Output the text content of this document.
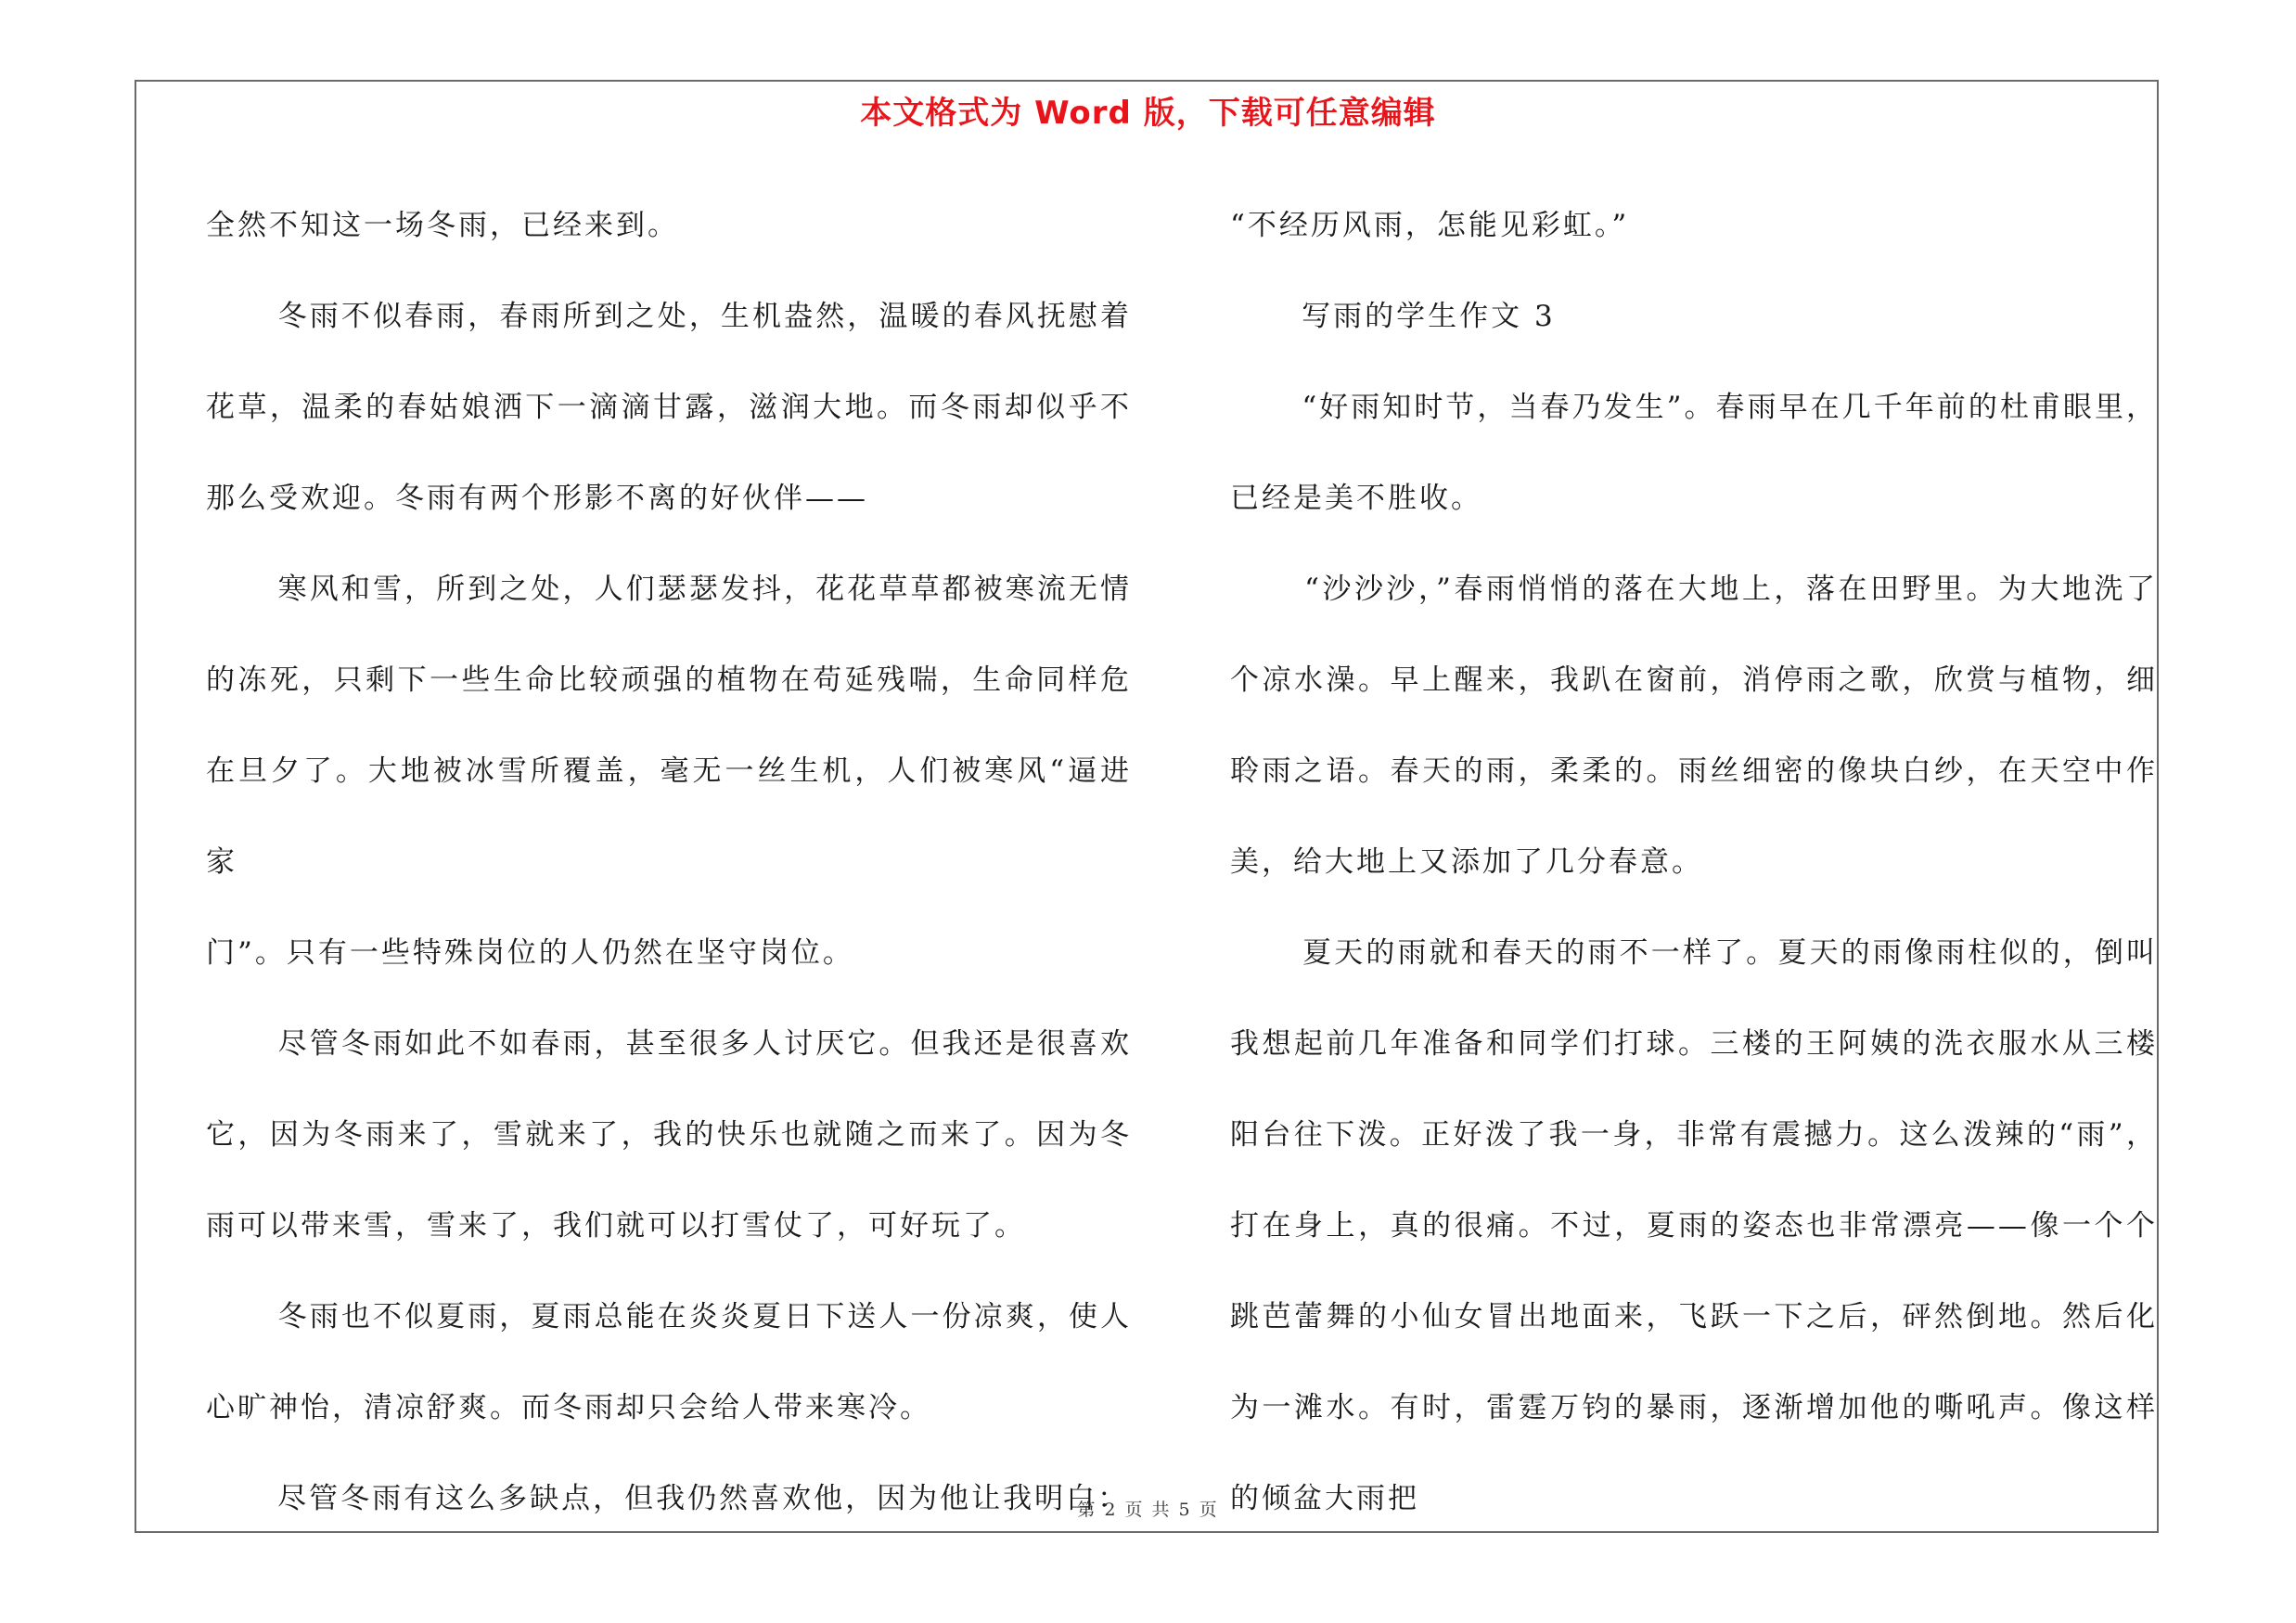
本文格式为 Word 版，下载可任意编辑

全然不知这一场冬雨，已经来到。

冬雨不似春雨，春雨所到之处，生机盎然，温暖的春风抚慰着花草，温柔的春姑娘洒下一滴滴甘露，滋润大地。而冬雨却似乎不那么受欢迎。冬雨有两个形影不离的好伙伴——

寒风和雪，所到之处，人们瑟瑟发抖，花花草草都被寒流无情的冻死，只剩下一些生命比较顽强的植物在苟延残喘，生命同样危在旦夕了。大地被冰雪所覆盖，毫无一丝生机，人们被寒风“逼进家
门”。只有一些特殊岗位的人仍然在坚守岗位。

尽管冬雨如此不如春雨，甚至很多人讨厌它。但我还是很喜欢它，因为冬雨来了，雪就来了，我的快乐也就随之而来了。因为冬雨可以带来雪，雪来了，我们就可以打雪仗了，可好玩了。

冬雨也不似夏雨，夏雨总能在炎炎夏日下送人一份凉爽，使人心旷神怡，清凉舒爽。而冬雨却只会给人带来寒冷。

尽管冬雨有这么多缺点，但我仍然喜欢他，因为他让我明白：

“不经历风雨，怎能见彩虹。”

写雨的学生作文 3

“好雨知时节，当春乃发生”。春雨早在几千年前的杜甫眼里，已经是美不胜收。

“沙沙沙，”春雨悄悄的落在大地上，落在田野里。为大地洗了个凉水澡。早上醒来，我趴在窗前，消停雨之歌，欣赏与植物，细聆雨之语。春天的雨，柔柔的。雨丝细密的像块白纱，在天空中作美，给大地上又添加了几分春意。

夏天的雨就和春天的雨不一样了。夏天的雨像雨柱似的，倒叫我想起前几年准备和同学们打球。三楼的王阿姨的洗衣服水从三楼阳台往下泼。正好泼了我一身，非常有震撼力。这么泼辣的“雨”，打在身上，真的很痛。不过，夏雨的姿态也非常漂亮——像一个个跳芭蕾舞的小仙女冒出地面来，飞跃一下之后，砰然倒地。然后化为一滩水。有时，雷霆万钧的暴雨，逐渐增加他的嘶吼声。像这样的倾盆大雨把

第 2 页 共 5 页
